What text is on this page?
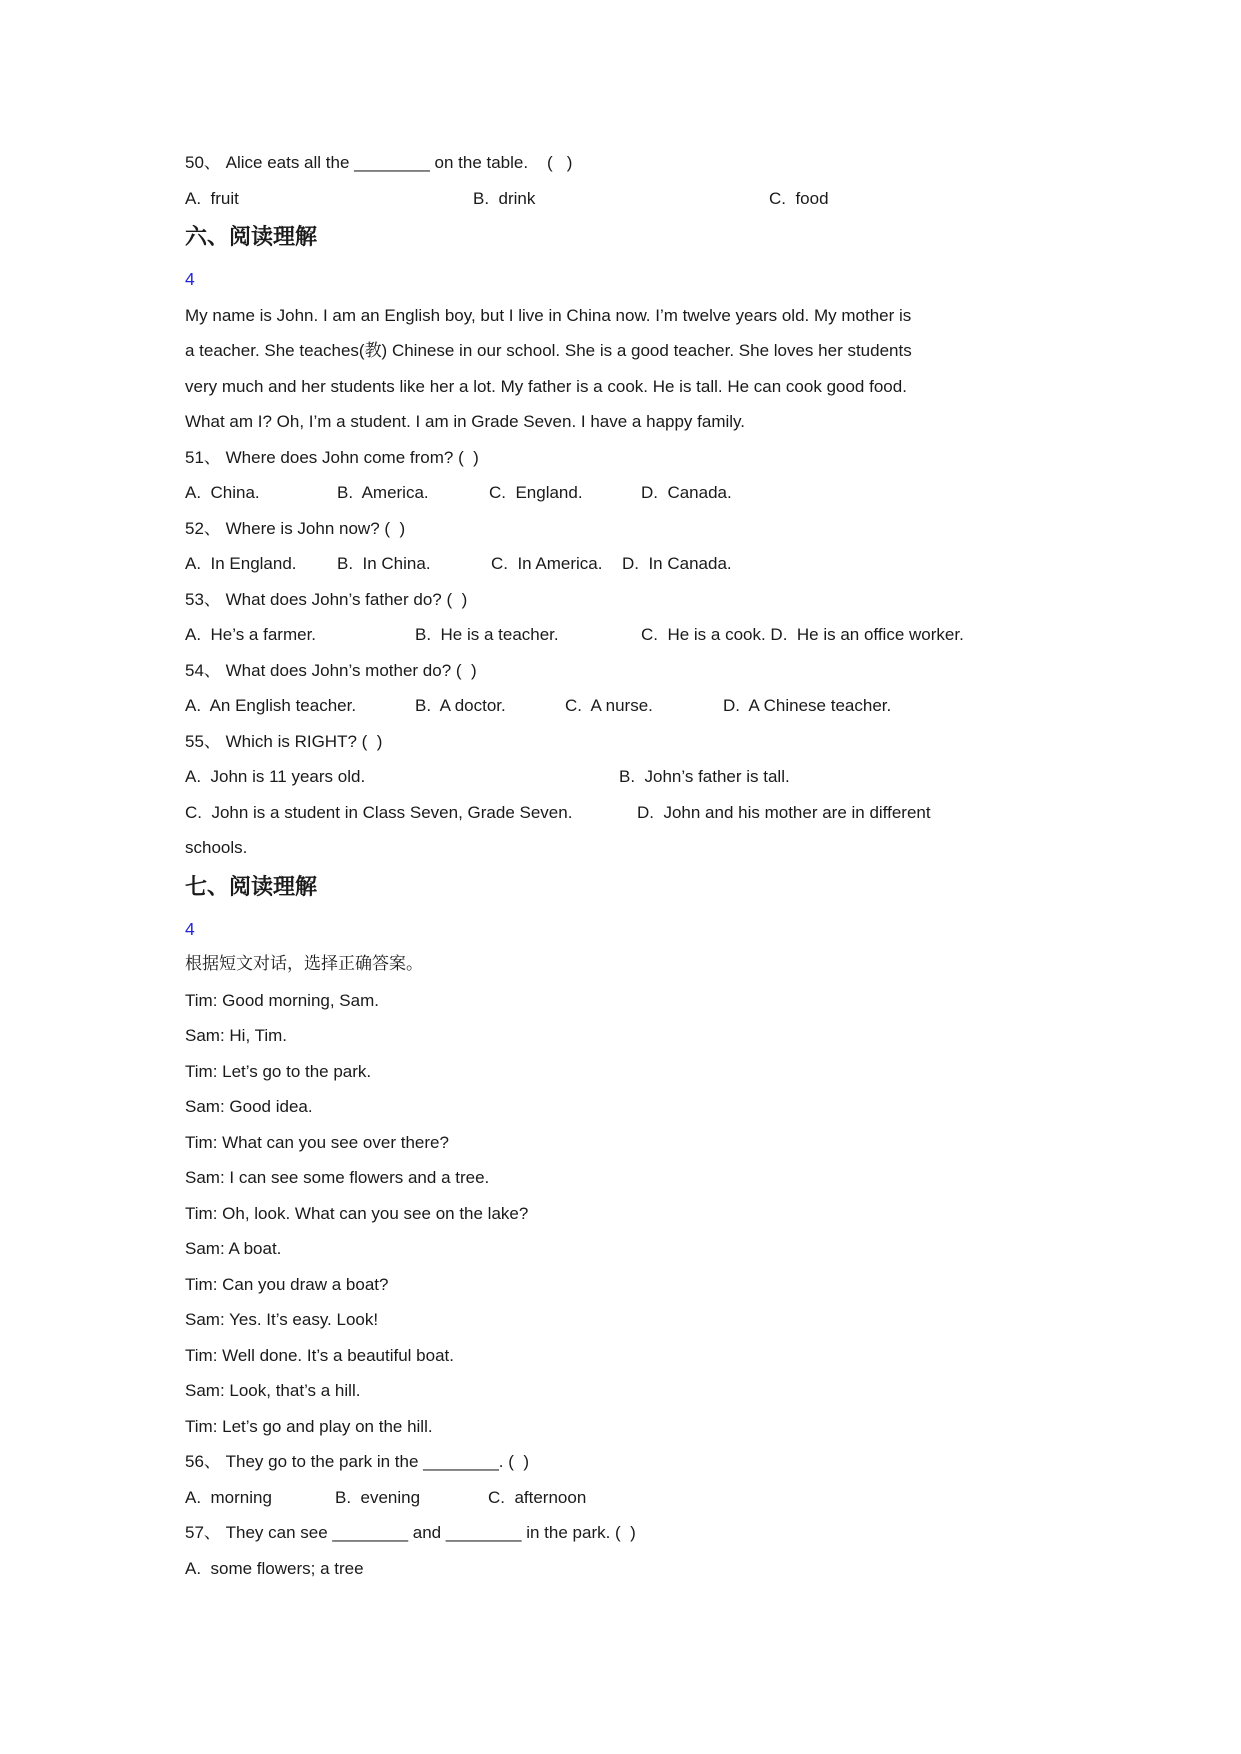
50、 Alice eats all the ________ on the table.    (   )
A.  fruit	B.  drink	C.  food
六、阅读理解
4
My name is John. I am an English boy, but I live in China now. I’m twelve years old. My mother is
a teacher. She teaches(教) Chinese in our school. She is a good teacher. She loves her students
very much and her students like her a lot. My father is a cook. He is tall. He can cook good food.
What am I? Oh, I’m a student. I am in Grade Seven. I have a happy family.
51、 Where does John come from? (  )
A.  China.	B.  America.	C.  England.	D.  Canada.
52、 Where is John now? (  )
A.  In England.	B.  In China.	C.  In America.	D.  In Canada.
53、 What does John’s father do? (  )
A.  He’s a farmer.	B.  He is a teacher.	C.  He is a cook. D.  He is an office worker.
54、 What does John’s mother do? (  )
A.  An English teacher.	B.  A doctor.	C.  A nurse.	D.  A Chinese teacher.
55、 Which is RIGHT? (  )
A.  John is 11 years old.	B.  John’s father is tall.
C.  John is a student in Class Seven, Grade Seven.	D.  John and his mother are in different
schools.
七、阅读理解
4
根据短文对话，选择正确答案。
Tim: Good morning, Sam.
Sam: Hi, Tim.
Tim: Let’s go to the park.
Sam: Good idea.
Tim: What can you see over there?
Sam: I can see some flowers and a tree.
Tim: Oh, look. What can you see on the lake?
Sam: A boat.
Tim: Can you draw a boat?
Sam: Yes. It’s easy. Look!
Tim: Well done. It’s a beautiful boat.
Sam: Look, that’s a hill.
Tim: Let’s go and play on the hill.
56、 They go to the park in the ________. (  )
A.  morning	B.  evening	C.  afternoon
57、 They can see ________ and ________ in the park. (  )
A.  some flowers; a tree
